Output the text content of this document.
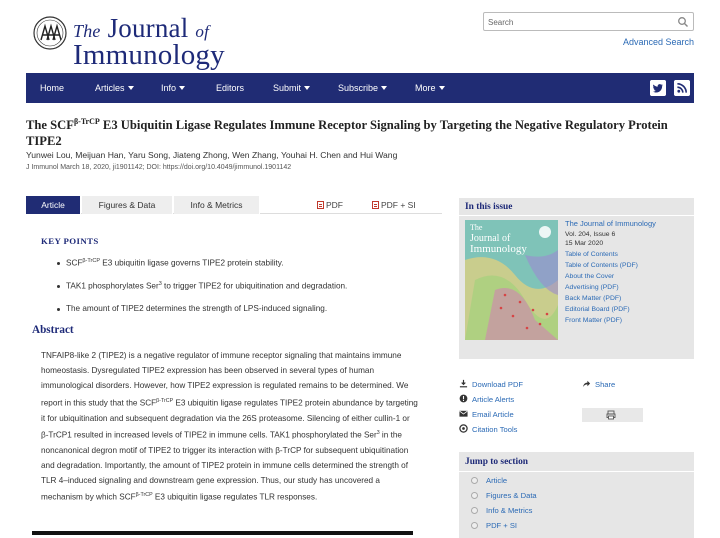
The Journal of
Immunology
Search	Advanced Search
Home	Articles	Info	Editors	Submit	Subscribe	More
The $SCF^{\beta-TrCP}$ E3 Ubiquitin Ligase Regulates Immune Receptor Signaling by Targeting the Negative Regulatory Protein TIPE2
Yunwei Lou, Meijuan Han, Yaru Song, Jiateng Zhong, Wen Zhang, Youhai H. Chen and Hui Wang
J Immunol March 18, 2020, ji1901142; DOI: https://doi.org/10.4049/jimmunol.1901142
Article	Figures & Data	Info & Metrics	PDF	PDF + SI
KEY POINTS
$SCF^{\beta-TrCP}$ E3 ubiquitin ligase governs TIPE2 protein stability.
TAK1 phosphorylates Ser$^3$ to trigger TIPE2 for ubiquitination and degradation.
The amount of TIPE2 determines the strength of LPS-induced signaling.
Abstract

TNFAIP8-like 2 (TIPE2) is a negative regulator of immune receptor signaling that maintains immune homeostasis. Dysregulated TIPE2 expression has been observed in several types of human immunological disorders. However, how TIPE2 expression is regulated remains to be determined. We report in this study that the $SCF^{\beta-TrCP}$ E3 ubiquitin ligase regulates TIPE2 protein abundance by targeting it for ubiquitination and subsequent degradation via the 26S proteasome. Silencing of either cullin-1 or β-TrCP1 resulted in increased levels of TIPE2 in immune cells. TAK1 phosphorylated the Ser$^3$ in the noncanonical degron motif of TIPE2 to trigger its interaction with β-TrCP for subsequent ubiquitination and degradation. Importantly, the amount of TIPE2 protein in immune cells determined the strength of TLR 4–induced signaling and downstream gene expression. Thus, our study has uncovered a mechanism by which $SCF^{\beta-TrCP}$ E3 ubiquitin ligase regulates TLR responses.

In this issue
The
Journal of
Immunology
The Journal of Immunology
Vol. 204, Issue 6
15 Mar 2020
Table of Contents
Table of Contents (PDF)
About the Cover
Advertising (PDF)
Back Matter (PDF)
Editorial Board (PDF)
Front Matter (PDF)
Download PDF	Share
Article Alerts
Email Article
Citation Tools
Jump to section
Article
Figures & Data
Info & Metrics
PDF + SI
